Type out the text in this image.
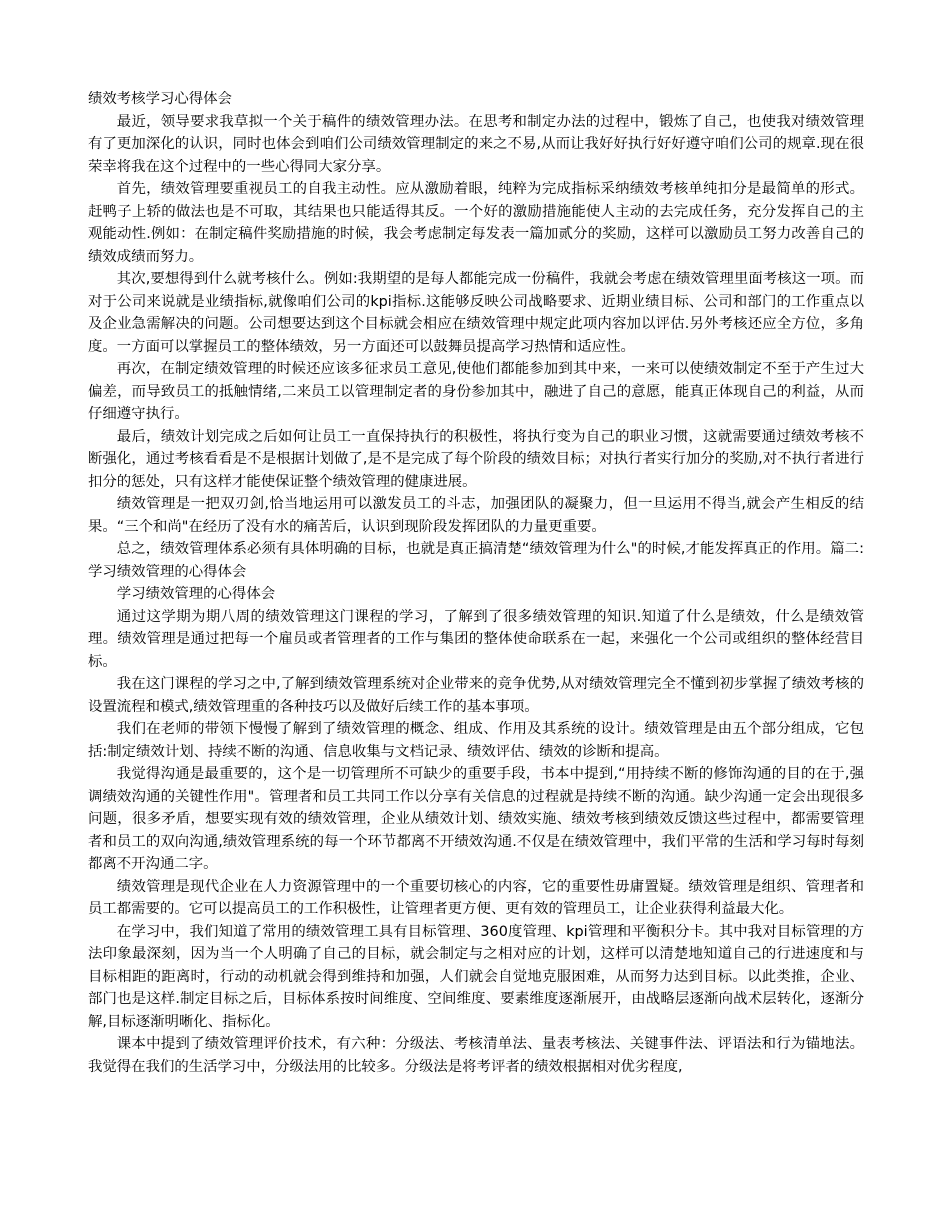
绩效考核学习心得体会

最近，领导要求我草拟一个关于稿件的绩效管理办法。在思考和制定办法的过程中，锻炼了自己，也使我对绩效管理有了更加深化的认识，同时也体会到咱们公司绩效管理制定的来之不易,从而让我好好执行好好遵守咱们公司的规章.现在很荣幸将我在这个过程中的一些心得同大家分享。

首先，绩效管理要重视员工的自我主动性。应从激励着眼，纯粹为完成指标采纳绩效考核单纯扣分是最简单的形式。赶鸭子上轿的做法也是不可取，其结果也只能适得其反。一个好的激励措施能使人主动的去完成任务，充分发挥自己的主观能动性.例如：在制定稿件奖励措施的时候，我会考虑制定每发表一篇加贰分的奖励，这样可以激励员工努力改善自己的绩效成绩而努力。

其次,要想得到什么就考核什么。例如:我期望的是每人都能完成一份稿件，我就会考虑在绩效管理里面考核这一项。而对于公司来说就是业绩指标,就像咱们公司的kpi指标.这能够反映公司战略要求、近期业绩目标、公司和部门的工作重点以及企业急需解决的问题。公司想要达到这个目标就会相应在绩效管理中规定此项内容加以评估.另外考核还应全方位，多角度。一方面可以掌握员工的整体绩效，另一方面还可以鼓舞员提高学习热情和适应性。

再次，在制定绩效管理的时候还应该多征求员工意见,使他们都能参加到其中来，一来可以使绩效制定不至于产生过大偏差，而导致员工的抵触情绪,二来员工以管理制定者的身份参加其中，融进了自己的意愿，能真正体现自己的利益，从而仔细遵守执行。

最后，绩效计划完成之后如何让员工一直保持执行的积极性，将执行变为自己的职业习惯，这就需要通过绩效考核不断强化，通过考核看看是不是根据计划做了,是不是完成了每个阶段的绩效目标；对执行者实行加分的奖励,对不执行者进行扣分的惩处，只有这样才能使保证整个绩效管理的健康进展。

绩效管理是一把双刃剑,恰当地运用可以激发员工的斗志，加强团队的凝聚力，但一旦运用不得当,就会产生相反的结果。“三个和尚"在经历了没有水的痛苦后，认识到现阶段发挥团队的力量更重要。

总之，绩效管理体系必须有具体明确的目标，也就是真正搞清楚“绩效管理为什么"的时候,才能发挥真正的作用。篇二:学习绩效管理的心得体会

学习绩效管理的心得体会

通过这学期为期八周的绩效管理这门课程的学习，了解到了很多绩效管理的知识.知道了什么是绩效，什么是绩效管理。绩效管理是通过把每一个雇员或者管理者的工作与集团的整体使命联系在一起，来强化一个公司或组织的整体经营目标。

我在这门课程的学习之中,了解到绩效管理系统对企业带来的竞争优势,从对绩效管理完全不懂到初步掌握了绩效考核的设置流程和模式,绩效管理重的各种技巧以及做好后续工作的基本事项。

我们在老师的带领下慢慢了解到了绩效管理的概念、组成、作用及其系统的设计。绩效管理是由五个部分组成，它包括:制定绩效计划、持续不断的沟通、信息收集与文档记录、绩效评估、绩效的诊断和提高。

我觉得沟通是最重要的，这个是一切管理所不可缺少的重要手段，书本中提到,“用持续不断的修饰沟通的目的在于,强调绩效沟通的关键性作用"。管理者和员工共同工作以分享有关信息的过程就是持续不断的沟通。缺少沟通一定会出现很多问题，很多矛盾，想要实现有效的绩效管理，企业从绩效计划、绩效实施、绩效考核到绩效反馈这些过程中，都需要管理者和员工的双向沟通,绩效管理系统的每一个环节都离不开绩效沟通.不仅是在绩效管理中，我们平常的生活和学习每时每刻都离不开沟通二字。

绩效管理是现代企业在人力资源管理中的一个重要切核心的内容，它的重要性毋庸置疑。绩效管理是组织、管理者和员工都需要的。它可以提高员工的工作积极性，让管理者更方便、更有效的管理员工，让企业获得利益最大化。

在学习中，我们知道了常用的绩效管理工具有目标管理、360度管理、kpi管理和平衡积分卡。其中我对目标管理的方法印象最深刻，因为当一个人明确了自己的目标，就会制定与之相对应的计划，这样可以清楚地知道自己的行进速度和与目标相距的距离时，行动的动机就会得到维持和加强，人们就会自觉地克服困难，从而努力达到目标。以此类推，企业、部门也是这样.制定目标之后，目标体系按时间维度、空间维度、要素维度逐渐展开，由战略层逐渐向战术层转化，逐渐分解,目标逐渐明晰化、指标化。

课本中提到了绩效管理评价技术，有六种：分级法、考核清单法、量表考核法、关键事件法、评语法和行为锚地法。我觉得在我们的生活学习中，分级法用的比较多。分级法是将考评者的绩效根据相对优劣程度,
